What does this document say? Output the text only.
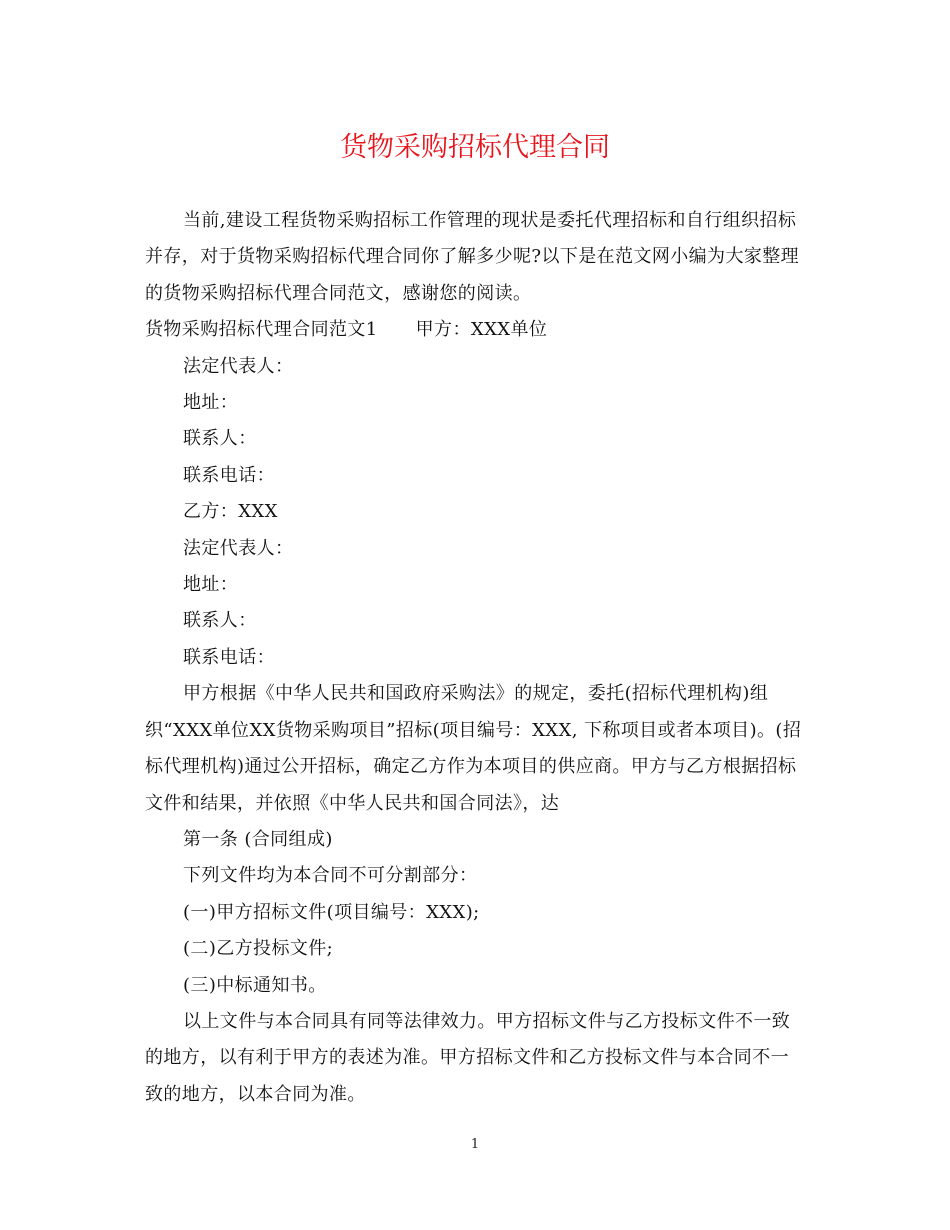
货物采购招标代理合同

当前,建设工程货物采购招标工作管理的现状是委托代理招标和自行组织招标并存，对于货物采购招标代理合同你了解多少呢?以下是在范文网小编为大家整理的货物采购招标代理合同范文，感谢您的阅读。

货物采购招标代理合同范文1 甲方：XXX单位

法定代表人：

地址：

联系人：

联系电话：

乙方：XXX

法定代表人：

地址：

联系人：

联系电话：

甲方根据《中华人民共和国政府采购法》的规定，委托(招标代理机构)组织“XXX单位XX货物采购项目”招标(项目编号：XXX, 下称项目或者本项目)。(招标代理机构)通过公开招标，确定乙方作为本项目的供应商。甲方与乙方根据招标文件和结果，并依照《中华人民共和国合同法》，达

第一条 (合同组成)

下列文件均为本合同不可分割部分：

(一)甲方招标文件(项目编号：XXX);

(二)乙方投标文件;

(三)中标通知书。

以上文件与本合同具有同等法律效力。甲方招标文件与乙方投标文件不一致的地方，以有利于甲方的表述为准。甲方招标文件和乙方投标文件与本合同不一致的地方，以本合同为准。

1
